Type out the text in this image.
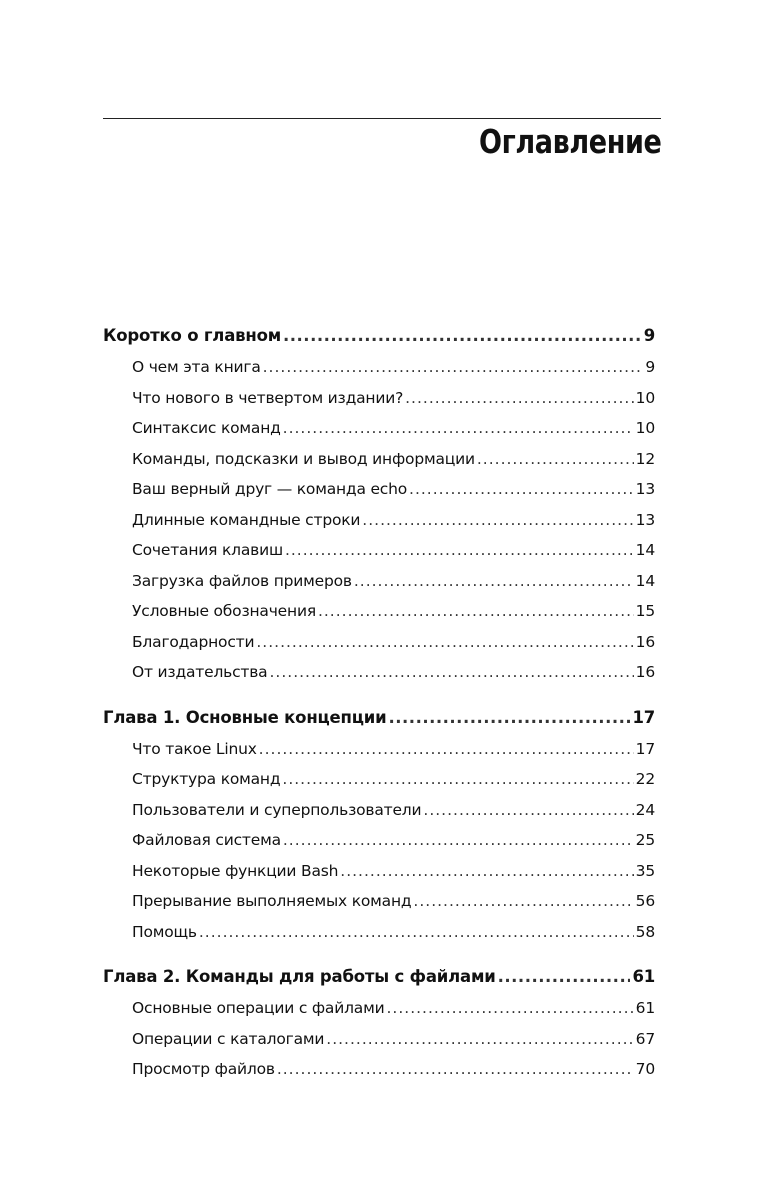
Оглавление
Коротко о главном .....	9
О чем эта книга .....	9
Что нового в четвертом издании? .....	10
Синтаксис команд .....	10
Команды, подсказки и вывод информации .....	12
Ваш верный друг — команда echo .....	13
Длинные командные строки .....	13
Сочетания клавиш .....	14
Загрузка файлов примеров .....	14
Условные обозначения .....	15
Благодарности .....	16
От издательства .....	16
Глава 1. Основные концепции .....	17
Что такое Linux .....	17
Структура команд .....	22
Пользователи и суперпользователи .....	24
Файловая система .....	25
Некоторые функции Bash .....	35
Прерывание выполняемых команд .....	56
Помощь .....	58
Глава 2. Команды для работы с файлами .....	61
Основные операции с файлами .....	61
Операции с каталогами .....	67
Просмотр файлов .....	70
